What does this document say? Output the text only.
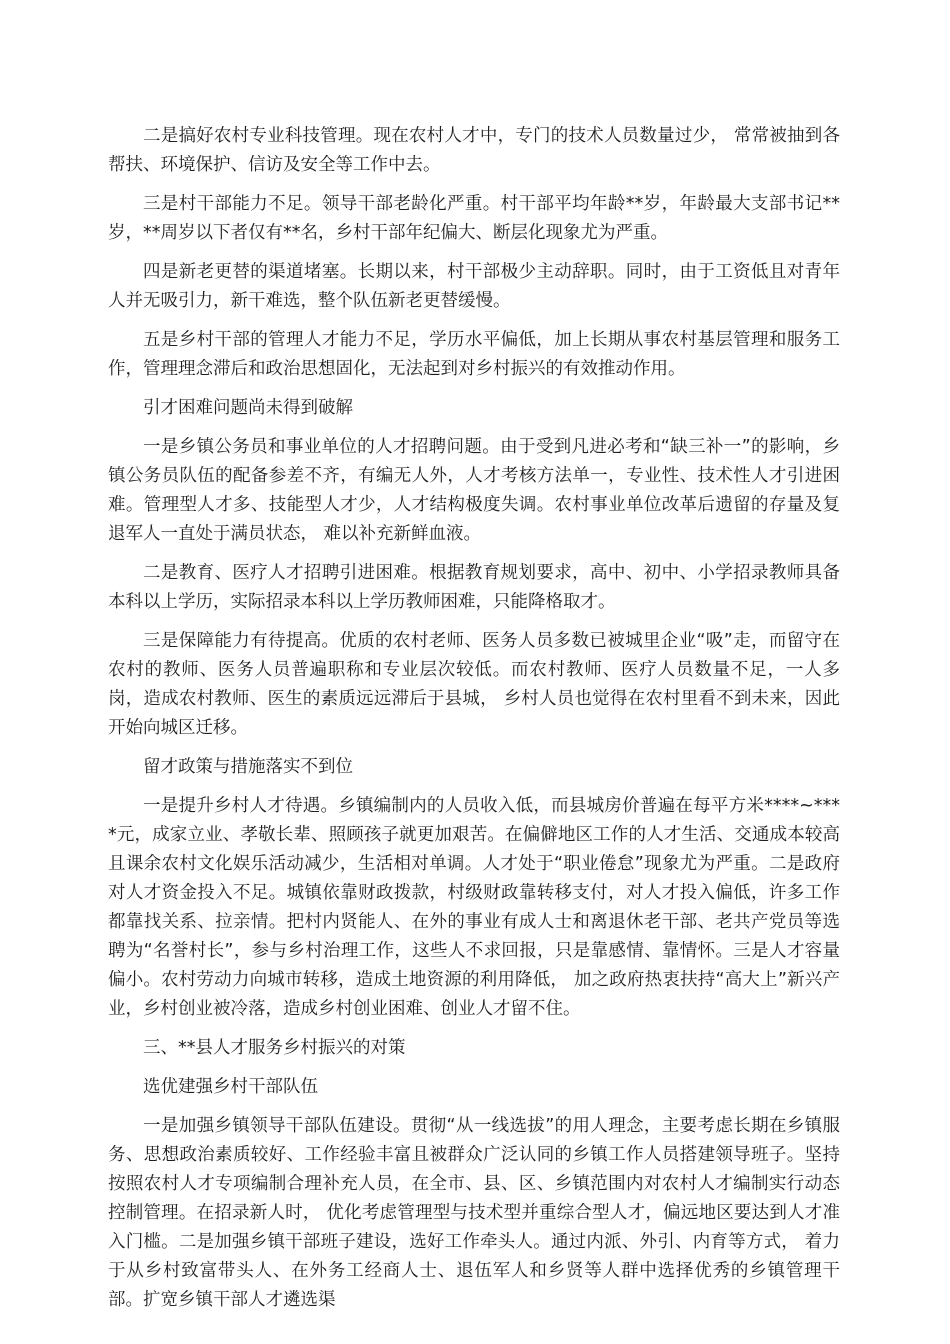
二是搞好农村专业科技管理。现在农村人才中，专门的技术人员数量过少， 常常被抽到各帮扶、环境保护、信访及安全等工作中去。

三是村干部能力不足。领导干部老龄化严重。村干部平均年龄**岁，年龄最大支部书记**岁，**周岁以下者仅有**名，乡村干部年纪偏大、断层化现象尤为严重。

四是新老更替的渠道堵塞。长期以来，村干部极少主动辞职。同时，由于工资低且对青年人并无吸引力，新干难选，整个队伍新老更替缓慢。

五是乡村干部的管理人才能力不足，学历水平偏低，加上长期从事农村基层管理和服务工作，管理理念滞后和政治思想固化，无法起到对乡村振兴的有效推动作用。

引才困难问题尚未得到破解

一是乡镇公务员和事业单位的人才招聘问题。由于受到凡进必考和“缺三补一”的影响，乡镇公务员队伍的配备参差不齐，有编无人外，人才考核方法单一，专业性、技术性人才引进困难。管理型人才多、技能型人才少，人才结构极度失调。农村事业单位改革后遗留的存量及复退军人一直处于满员状态， 难以补充新鲜血液。

二是教育、医疗人才招聘引进困难。根据教育规划要求，高中、初中、小学招录教师具备本科以上学历，实际招录本科以上学历教师困难，只能降格取才。

三是保障能力有待提高。优质的农村老师、医务人员多数已被城里企业“吸”走，而留守在农村的教师、医务人员普遍职称和专业层次较低。而农村教师、医疗人员数量不足，一人多岗，造成农村教师、医生的素质远远滞后于县城， 乡村人员也觉得在农村里看不到未来，因此开始向城区迁移。

留才政策与措施落实不到位

一是提升乡村人才待遇。乡镇编制内的人员收入低，而县城房价普遍在每平方米****~****元，成家立业、孝敬长辈、照顾孩子就更加艰苦。在偏僻地区工作的人才生活、交通成本较高且课余农村文化娱乐活动减少，生活相对单调。人才处于“职业倦怠”现象尤为严重。二是政府对人才资金投入不足。城镇依靠财政拨款，村级财政靠转移支付，对人才投入偏低，许多工作都靠找关系、拉亲情。把村内贤能人、在外的事业有成人士和离退休老干部、老共产党员等选聘为“名誉村长”，参与乡村治理工作，这些人不求回报，只是靠感情、靠情怀。三是人才容量偏小。农村劳动力向城市转移，造成土地资源的利用降低， 加之政府热衷扶持“高大上”新兴产业，乡村创业被冷落，造成乡村创业困难、创业人才留不住。

三、**县人才服务乡村振兴的对策

选优建强乡村干部队伍

一是加强乡镇领导干部队伍建设。贯彻“从一线选拔”的用人理念，主要考虑长期在乡镇服务、思想政治素质较好、工作经验丰富且被群众广泛认同的乡镇工作人员搭建领导班子。坚持按照农村人才专项编制合理补充人员，在全市、县、区、乡镇范围内对农村人才编制实行动态控制管理。在招录新人时， 优化考虑管理型与技术型并重综合型人才，偏远地区要达到人才准入门槛。二是加强乡镇干部班子建设，选好工作牵头人。通过内派、外引、内育等方式， 着力于从乡村致富带头人、在外务工经商人士、退伍军人和乡贤等人群中选择优秀的乡镇管理干部。扩宽乡镇干部人才遴选渠
